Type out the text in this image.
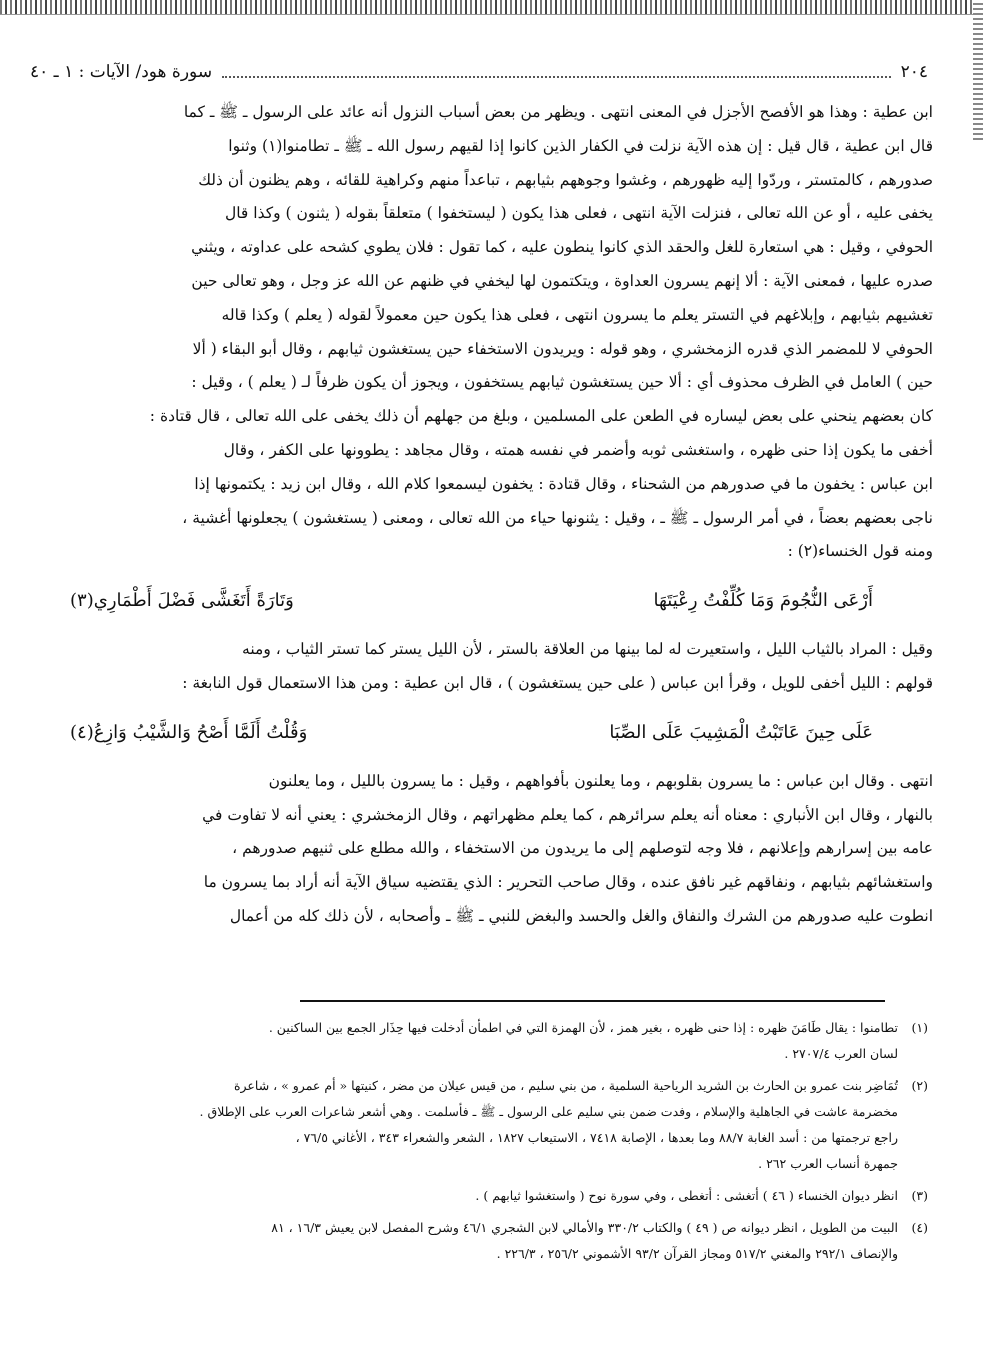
٢٠٤
سورة هود/ الآيات : ١ ـ ٤٠

ابن عطية : وهذا هو الأفصح الأجزل في المعنى انتهى . ويظهر من بعض أسباب النزول أنه عائد على الرسول ـ ﷺ ـ كما
قال ابن عطية ، قال قيل : إن هذه الآية نزلت في الكفار الذين كانوا إذا لقيهم رسول الله ـ ﷺ ـ تطامنوا(١) وثنوا
صدورهم ، كالمتستر ، وردّوا إليه ظهورهم ، وغشوا وجوههم بثيابهم ، تباعداً منهم وكراهية للقائه ، وهم يظنون أن ذلك
يخفى عليه ، أو عن الله تعالى ، فنزلت الآية انتهى ، فعلى هذا يكون ( ليستخفوا ) متعلقاً بقوله ( يثنون ) وكذا قال
الحوفي ، وقيل : هي استعارة للغل والحقد الذي كانوا ينطون عليه ، كما تقول : فلان يطوي كشحه على عداوته ، ويثني
صدره عليها ، فمعنى الآية : ألا إنهم يسرون العداوة ، ويتكتمون لها ليخفي في ظنهم عن الله عز وجل ، وهو تعالى حين
تغشيهم بثيابهم ، وإبلاغهم في التستر يعلم ما يسرون انتهى ، فعلى هذا يكون حين معمولاً لقوله ( يعلم ) وكذا قاله
الحوفي لا للمضمر الذي قدره الزمخشري ، وهو قوله : ويريدون الاستخفاء حين يستغشون ثيابهم ، وقال أبو البقاء ( ألا
حين ) العامل في الظرف محذوف أي : ألا حين يستغشون ثيابهم يستخفون ، ويجوز أن يكون ظرفاً لـ ( يعلم ) ، وقيل :
كان بعضهم ينحني على بعض ليساره في الطعن على المسلمين ، وبلغ من جهلهم أن ذلك يخفى على الله تعالى ، قال قتادة :
أخفى ما يكون إذا حنى ظهره ، واستغشى ثوبه وأضمر في نفسه همته ، وقال مجاهد : يطوونها على الكفر ، وقال
ابن عباس : يخفون ما في صدورهم من الشحناء ، وقال قتادة : يخفون ليسمعوا كلام الله ، وقال ابن زيد : يكتمونها إذا
ناجى بعضهم بعضاً ، في أمر الرسول ـ ﷺ ـ ، وقيل : يثنونها حياء من الله تعالى ، ومعنى ( يستغشون ) يجعلونها أغشية ،
ومنه قول الخنساء(٢) :

أَرْعَى النُّجُومَ وَمَا كُلِّفْتُ رِعْيَتَهَا
وَتَارَةً أَتَغَشَّى فَضْلَ أَطْمَارِي(٣)

وقيل : المراد بالثياب الليل ، واستعيرت له لما بينها من العلاقة بالستر ، لأن الليل يستر كما تستر الثياب ، ومنه
قولهم : الليل أخفى للويل ، وقرأ ابن عباس ( على حين يستغشون ) ، قال ابن عطية : ومن هذا الاستعمال قول النابغة :

عَلَى حِينَ عَاتَبْتُ الْمَشِيبَ عَلَى الصِّبَا
وَقُلْتُ أَلَمَّا أَصْحُ وَالشَّيْبُ وَازِعُ(٤)

انتهى . وقال ابن عباس : ما يسرون بقلوبهم ، وما يعلنون بأفواههم ، وقيل : ما يسرون بالليل ، وما يعلنون
بالنهار ، وقال ابن الأنباري : معناه أنه يعلم سرائرهم ، كما يعلم مظهراتهم ، وقال الزمخشري : يعني أنه لا تفاوت في
عامه بين إسرارهم وإعلانهم ، فلا وجه لتوصلهم إلى ما يريدون من الاستخفاء ، والله مطلع على ثنيهم صدورهم ،
واستغشائهم بثيابهم ، ونفاقهم غير نافق عنده ، وقال صاحب التحرير : الذي يقتضيه سياق الآية أنه أراد بما يسرون ما
انطوت عليه صدورهم من الشرك والنفاق والغل والحسد والبغض للنبي ـ ﷺ ـ وأصحابه ، لأن ذلك كله من أعمال

(١)
تطامنوا : يقال طَامَنَ ظهره : إذا حنى ظهره ، بغير همز ، لأن الهمزة التي في اطمأن أدخلت فيها حِذَار الجمع بين الساكنين .
لسان العرب ٢٧٠٧/٤ .
(٢)
تُمَاضِر بنت عمرو بن الحارث بن الشريد الرياحية السلمية ، من بني سليم ، من قيس عيلان من مضر ، كنيتها « أم عمرو » ، شاعرة
مخضرمة عاشت في الجاهلية والإسلام ، وفدت ضمن بني سليم على الرسول ـ ﷺ ـ فأسلمت . وهي أشعر شاعرات العرب على الإطلاق .
راجع ترجمتها من : أسد الغابة ٨٨/٧ وما بعدها ، الإصابة ٧٤١٨ ، الاستيعاب ١٨٢٧ ، الشعر والشعراء ٣٤٣ ، الأغاني ٧٦/٥ ،
جمهرة أنساب العرب ٢٦٢ .
(٣)
انظر ديوان الخنساء ( ٤٦ ) أتغشى : أتغطى ، وفي سورة نوح ( واستغشوا ثيابهم ) .
(٤)
البيت من الطويل ، انظر ديوانه ص ( ٤٩ ) والكتاب ٣٣٠/٢ والأمالي لابن الشجري ٤٦/١ وشرح المفصل لابن يعيش ١٦/٣ ، ٨١
والإنصاف ٢٩٢/١ والمغني ٥١٧/٢ ومجاز القرآن ٩٣/٢ الأشموني ٢٥٦/٢ ، ٢٢٦/٣ .
